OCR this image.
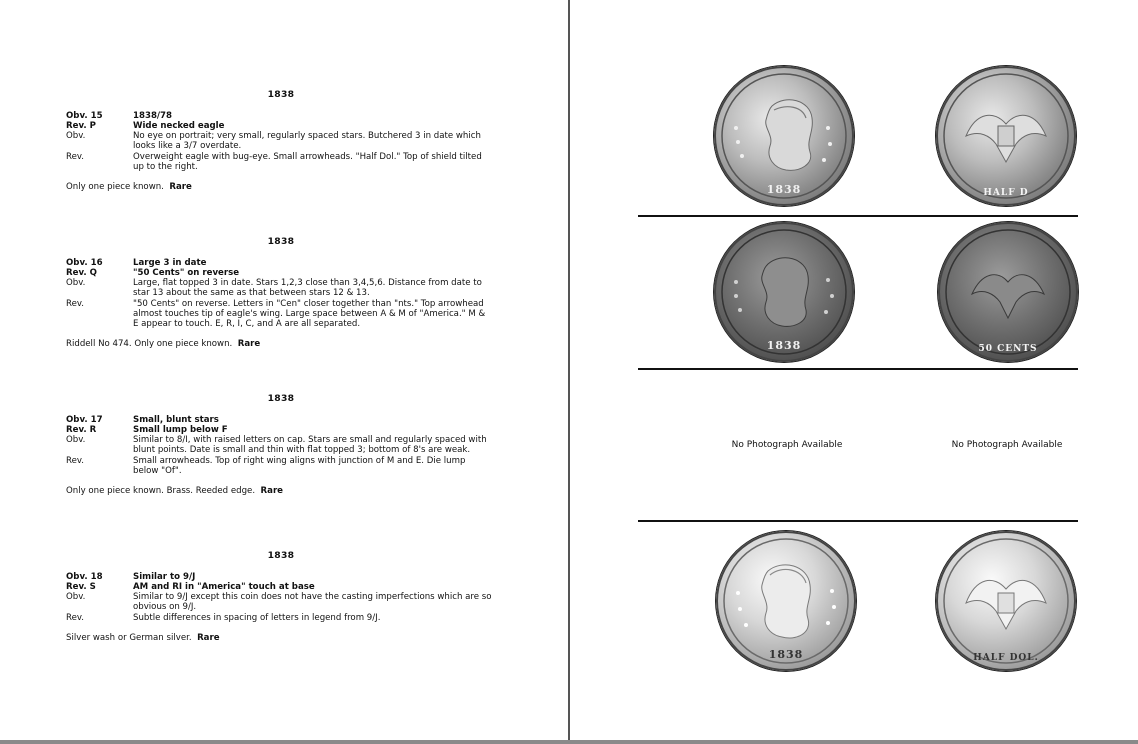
1838
Obv. 15	1838/78
Rev. P	Wide necked eagle
Obv.	No eye on portrait; very small, regularly spaced stars. Butchered 3 in date which looks like a 3/7 overdate.
Rev.	Overweight eagle with bug-eye. Small arrowheads. "Half Dol." Top of shield tilted up to the right.
Only one piece known. Rare
1838
Obv. 16	Large 3 in date
Rev. Q	"50 Cents" on reverse
Obv.	Large, flat topped 3 in date. Stars 1,2,3 close than 3,4,5,6. Distance from date to star 13 about the same as that between stars 12 & 13.
Rev.	"50 Cents" on reverse. Letters in "Cen" closer together than "nts." Top arrowhead almost touches tip of eagle's wing. Large space between A & M of "America." M & E appear to touch. E, R, I, C, and A are all separated.
Riddell No 474. Only one piece known. Rare
1838
Obv. 17	Small, blunt stars
Rev. R	Small lump below F
Obv.	Similar to 8/I, with raised letters on cap. Stars are small and regularly spaced with blunt points. Date is small and thin with flat topped 3; bottom of 8's are weak.
Rev.	Small arrowheads. Top of right wing aligns with junction of M and E. Die lump below "Of".
Only one piece known. Brass. Reeded edge. Rare
1838
Obv. 18	Similar to 9/J
Rev. S	AM and RI in "America" touch at base
Obv.	Similar to 9/J except this coin does not have the casting imperfections which are so obvious on 9/J.
Rev.	Subtle differences in spacing of letters in legend from 9/J.
Silver wash or German silver. Rare
1838	HALF D
1838	50 CENTS
No Photograph Available	No Photograph Available
1838	HALF DOL.
